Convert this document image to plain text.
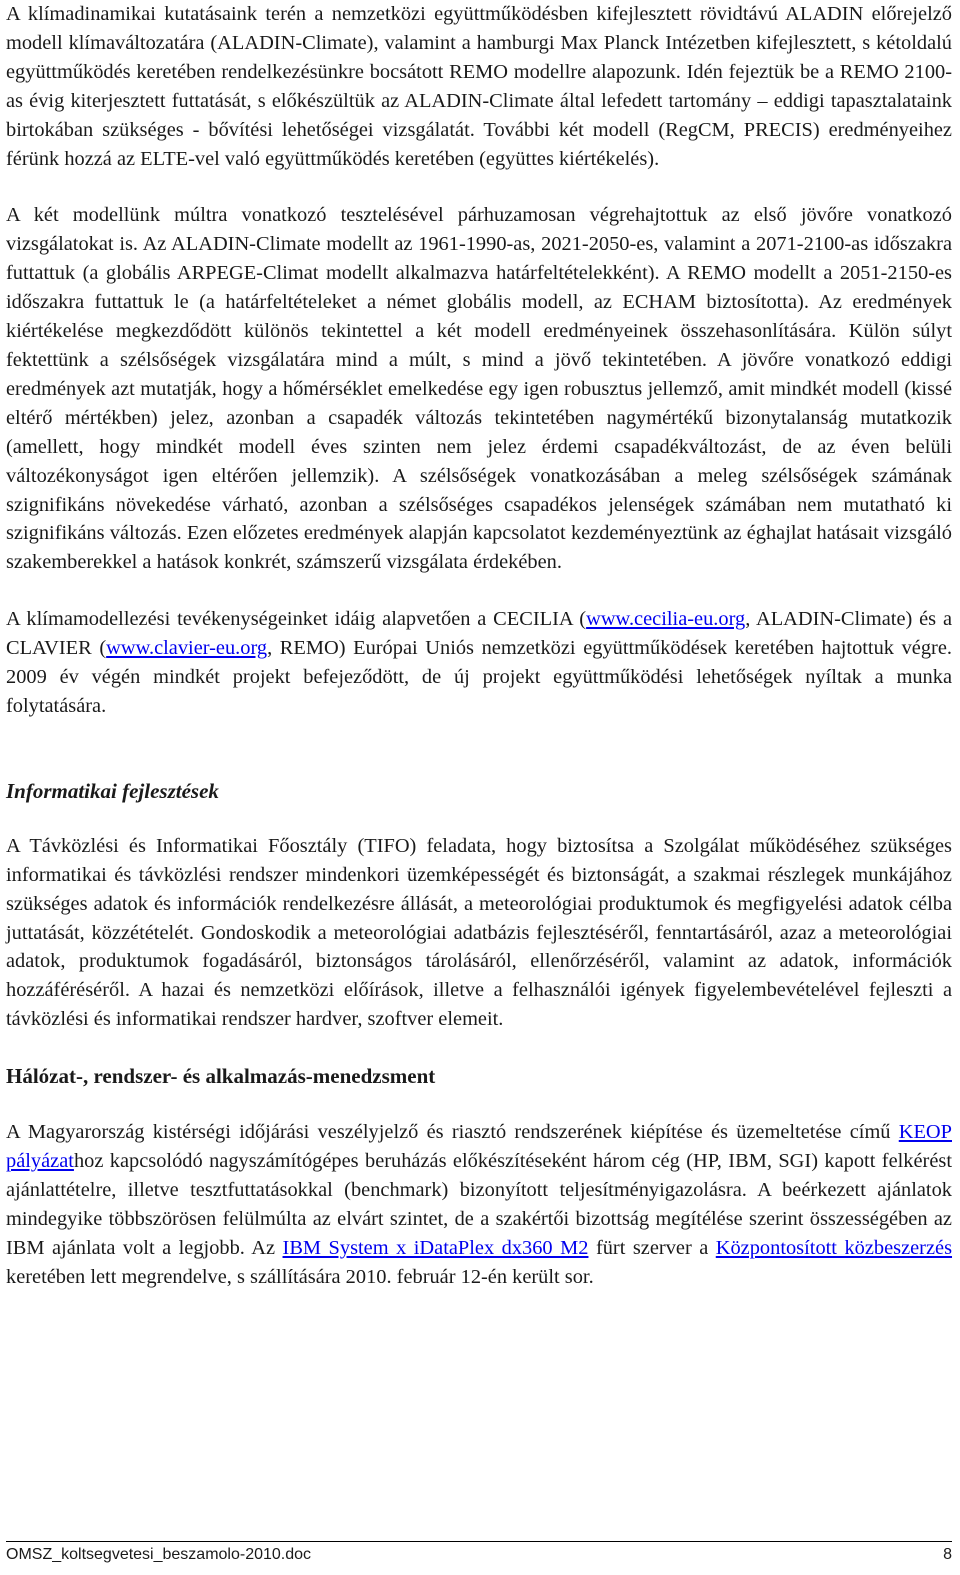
A klímadinamikai kutatásaink terén a nemzetközi együttműködésben kifejlesztett rövidtávú ALADIN előrejelző modell klímaváltozatára (ALADIN-Climate), valamint a hamburgi Max Planck Intézetben kifejlesztett, s kétoldalú együttműködés keretében rendelkezésünkre bocsátott REMO modellre alapozunk. Idén fejeztük be a REMO 2100-as évig kiterjesztett futtatását, s előkészültük az ALADIN-Climate által lefedett tartomány – eddigi tapasztalataink birtokában szükséges - bővítési lehetőségei vizsgálatát. További két modell (RegCM, PRECIS) eredményeihez férünk hozzá az ELTE-vel való együttműködés keretében (együttes kiértékelés).

A két modellünk múltra vonatkozó tesztelésével párhuzamosan végrehajtottuk az első jövőre vonatkozó vizsgálatokat is. Az ALADIN-Climate modellt az 1961-1990-as, 2021-2050-es, valamint a 2071-2100-as időszakra futtattuk (a globális ARPEGE-Climat modellt alkalmazva határfeltételekként). A REMO modellt a 2051-2150-es időszakra futtattuk le (a határfeltételeket a német globális modell, az ECHAM biztosította). Az eredmények kiértékelése megkezdődött különös tekintettel a két modell eredményeinek összehasonlítására. Külön súlyt fektettünk a szélsőségek vizsgálatára mind a múlt, s mind a jövő tekintetében. A jövőre vonatkozó eddigi eredmények azt mutatják, hogy a hőmérséklet emelkedése egy igen robusztus jellemző, amit mindkét modell (kissé eltérő mértékben) jelez, azonban a csapadék változás tekintetében nagymértékű bizonytalanság mutatkozik (amellett, hogy mindkét modell éves szinten nem jelez érdemi csapadékváltozást, de az éven belüli változékonyságot igen eltérően jellemzik). A szélsőségek vonatkozásában a meleg szélsőségek számának szignifikáns növekedése várható, azonban a szélsőséges csapadékos jelenségek számában nem mutatható ki szignifikáns változás. Ezen előzetes eredmények alapján kapcsolatot kezdeményeztünk az éghajlat hatásait vizsgáló szakemberekkel a hatások konkrét, számszerű vizsgálata érdekében.

A klímamodellezési tevékenységeinket idáig alapvetően a CECILIA (www.cecilia-eu.org, ALADIN-Climate) és a CLAVIER (www.clavier-eu.org, REMO) Európai Uniós nemzetközi együttműködések keretében hajtottuk végre. 2009 év végén mindkét projekt befejeződött, de új projekt együttműködési lehetőségek nyíltak a munka folytatására.

Informatikai fejlesztések

A Távközlési és Informatikai Főosztály (TIFO) feladata, hogy biztosítsa a Szolgálat működéséhez szükséges informatikai és távközlési rendszer mindenkori üzemképességét és biztonságát, a szakmai részlegek munkájához szükséges adatok és információk rendelkezésre állását, a meteorológiai produktumok és megfigyelési adatok célba juttatását, közzétételét. Gondoskodik a meteorológiai adatbázis fejlesztéséről, fenntartásáról, azaz a meteorológiai adatok, produktumok fogadásáról, biztonságos tárolásáról, ellenőrzéséről, valamint az adatok, információk hozzáféréséről. A hazai és nemzetközi előírások, illetve a felhasználói igények figyelembevételével fejleszti a távközlési és informatikai rendszer hardver, szoftver elemeit.

Hálózat-, rendszer- és alkalmazás-menedzsment

A Magyarország kistérségi időjárási veszélyjelző és riasztó rendszerének kiépítése és üzemeltetése című KEOP pályázathoz kapcsolódó nagyszámítógépes beruházás előkészítéseként három cég (HP, IBM, SGI) kapott felkérést ajánlattételre, illetve tesztfuttatásokkal (benchmark) bizonyított teljesítményigazolásra. A beérkezett ajánlatok mindegyike többszörösen felülmúlta az elvárt szintet, de a szakértői bizottság megítélése szerint összességében az IBM ajánlata volt a legjobb. Az IBM System x iDataPlex dx360 M2 fürt szerver a Központosított közbeszerzés keretében lett megrendelve, s szállítására 2010. február 12-én került sor.

OMSZ_koltsegvetesi_beszamolo-2010.doc	8
